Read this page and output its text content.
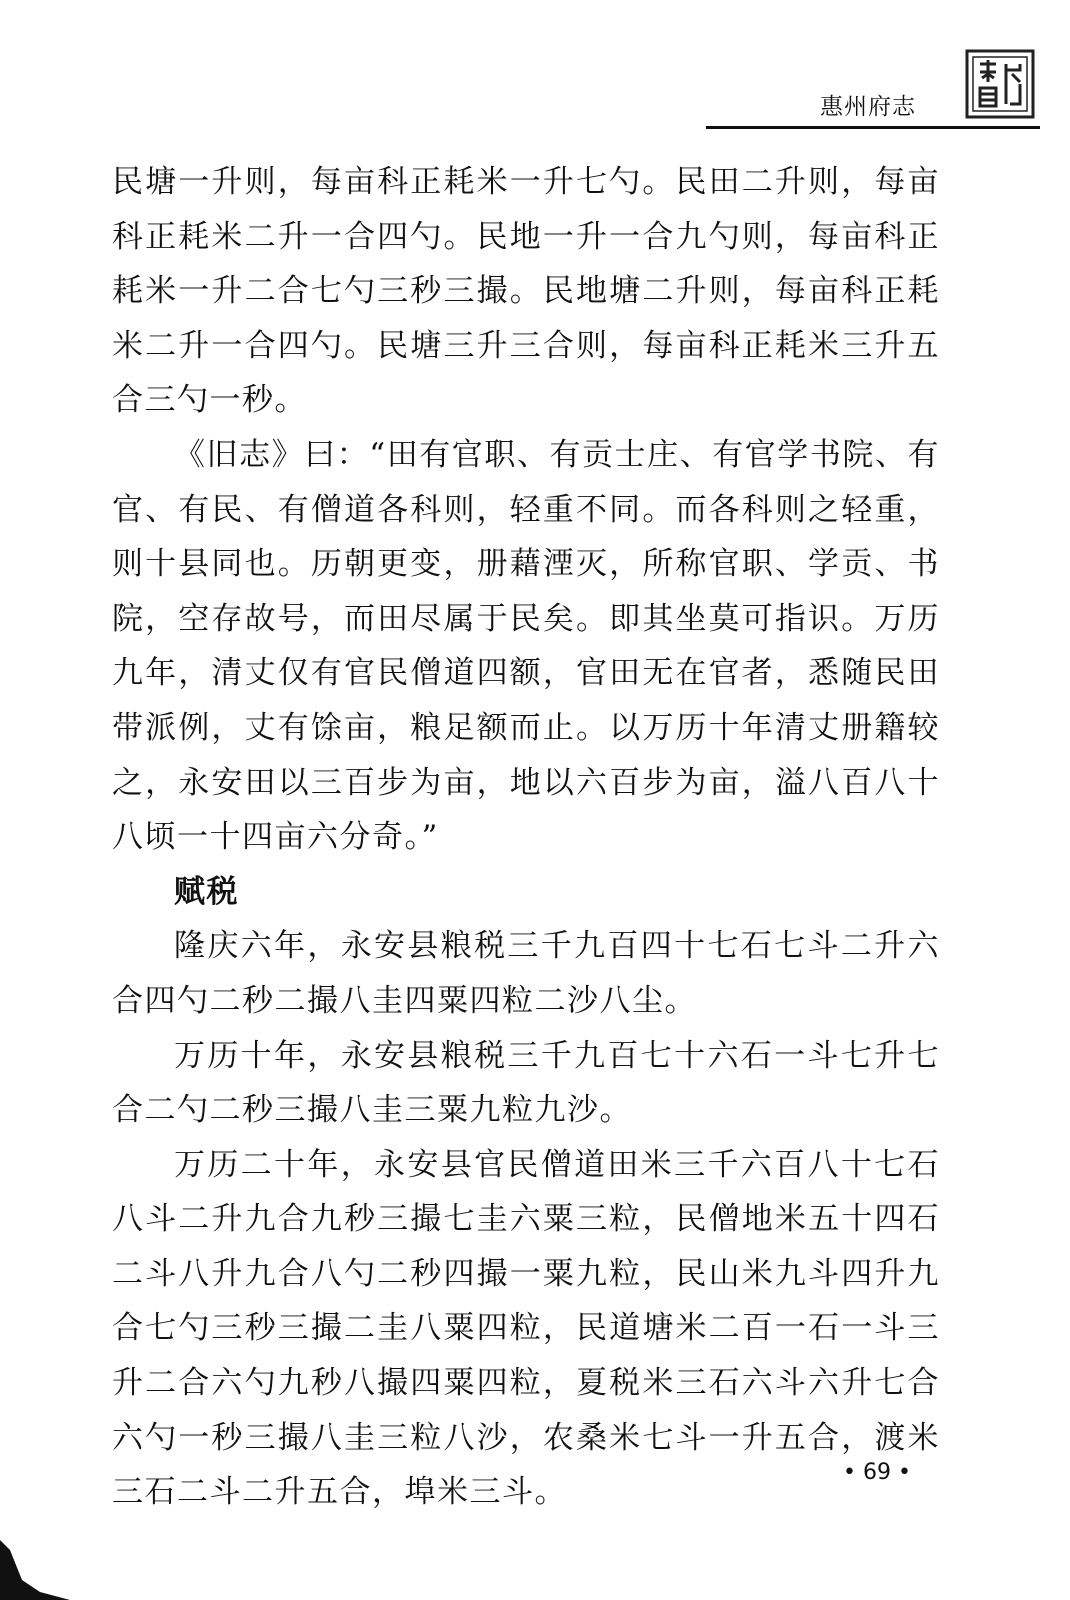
惠州府志

民塘一升则，每亩科正耗米一升七勺。民田二升则，每亩科正耗米二升一合四勺。民地一升一合九勺则，每亩科正耗米一升二合七勺三秒三撮。民地塘二升则，每亩科正耗米二升一合四勺。民塘三升三合则，每亩科正耗米三升五合三勺一秒。

《旧志》曰：“田有官职、有贡士庄、有官学书院、有官、有民、有僧道各科则，轻重不同。而各科则之轻重，则十县同也。历朝更变，册藉湮灭，所称官职、学贡、书院，空存故号，而田尽属于民矣。即其坐莫可指识。万历九年，清丈仅有官民僧道四额，官田无在官者，悉随民田带派例，丈有馀亩，粮足额而止。以万历十年清丈册籍较之，永安田以三百步为亩，地以六百步为亩，溢八百八十八顷一十四亩六分奇。”

赋税

隆庆六年，永安县粮税三千九百四十七石七斗二升六合四勺二秒二撮八圭四粟四粒二沙八尘。

万历十年，永安县粮税三千九百七十六石一斗七升七合二勺二秒三撮八圭三粟九粒九沙。

万历二十年，永安县官民僧道田米三千六百八十七石八斗二升九合九秒三撮七圭六粟三粒，民僧地米五十四石二斗八升九合八勺二秒四撮一粟九粒，民山米九斗四升九合七勺三秒三撮二圭八粟四粒，民道塘米二百一石一斗三升二合六勺九秒八撮四粟四粒，夏税米三石六斗六升七合六勺一秒三撮八圭三粒八沙，农桑米七斗一升五合，渡米三石二斗二升五合，埠米三斗。

• 69 •
